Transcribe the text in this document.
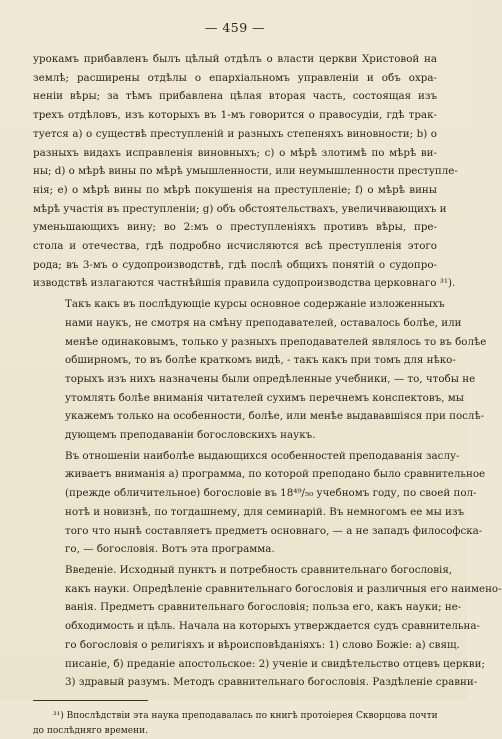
— 459 —

урокамъ прибавленъ былъ цѣлый отдѣлъ о власти церкви Христовой на
землѣ; расширены отдѣлы о епархіальномъ управленіи и объ охра-
неніи вѣры; за тѣмъ прибавлена цѣлая вторая часть, состоящая изъ
трехъ отдѣловъ, изъ которыхъ въ 1-мъ говорится о правосудіи, гдѣ трак-
туется а) о существѣ преступленій и разныхъ степеняхъ виновности; b) о
разныхъ видахъ исправленія виновныхъ; c) о мѣрѣ злотимѣ по мѣрѣ ви-
ны; d) о мѣрѣ вины по мѣрѣ умышленности, или неумышленности преступле-
нія; e) о мѣрѣ вины по мѣрѣ покушенія на преступленіе; f) о мѣрѣ вины
мѣрѣ участія въ преступленіи; g) объ обстоятельствахъ, увеличивающихъ и
уменьшающихъ вину; во 2:мъ о преступленіяхъ противъ вѣры, пре-
стола и отечества, гдѣ подробно исчисляются всѣ преступленія этого
рода; въ 3-мъ о судопроизводствѣ, гдѣ послѣ общихъ понятій о судопро-
изводствѣ излагаются частнѣйшія правила судопроизводства церковнаго ³¹).

Такъ какъ въ послѣдующіе курсы основное содержаніе изложенныхъ
нами наукъ, не смотря на смѣну преподавателей, оставалось болѣе, или
менѣе одинаковымъ, только у разныхъ преподавателей являлось то въ болѣе
обширномъ, то въ болѣе краткомъ видѣ, - такъ какъ при томъ для нѣко-
торыхъ изъ нихъ назначены были опредѣленные учебники, — то, чтобы не
утомлять болѣе вниманія читателей сухимъ перечнемъ конспектовъ, мы
укажемъ только на особенности, болѣе, или менѣе выдававшіяся при послѣ-
дующемъ преподаваніи богословскихъ наукъ.

Въ отношеніи наиболѣе выдающихся особенностей преподаванія заслу-
живаетъ вниманія а) программа, по которой преподано было сравнительное
(прежде обличительное) богословіе въ 18⁴⁹/₅₀ учебномъ году, по своей пол-
нотѣ и новизнѣ, по тогдашнему, для семинарій. Въ немногомъ ее мы изъ
того что нынѣ составляетъ предметъ основнаго, — а не западъ философска-
го, — богословія. Вотъ эта программа.

Введеніе. Исходный пунктъ и потребность сравнительнаго богословія,
какъ науки. Опредѣленіе сравнительнаго богословія и различныя его наимено-
ванія. Предметъ сравнительнаго богословія; польза его, какъ науки; не-
обходимость и цѣль. Начала на которыхъ утверждается судъ сравнительна-
го богословія о религіяхъ и вѣроисповѣданіяхъ: 1) слово Божіе: а) свящ.
писаніе, б) преданіе апостольское: 2) ученіе и свидѣтельство отцевъ церкви;
3) здравый разумъ. Методъ сравнительнаго богословія. Раздѣленіе сравни-

³¹) Впослѣдствіи эта наука преподавалась по книгѣ протоіерея Скворцова почти
до послѣдняго времени.
